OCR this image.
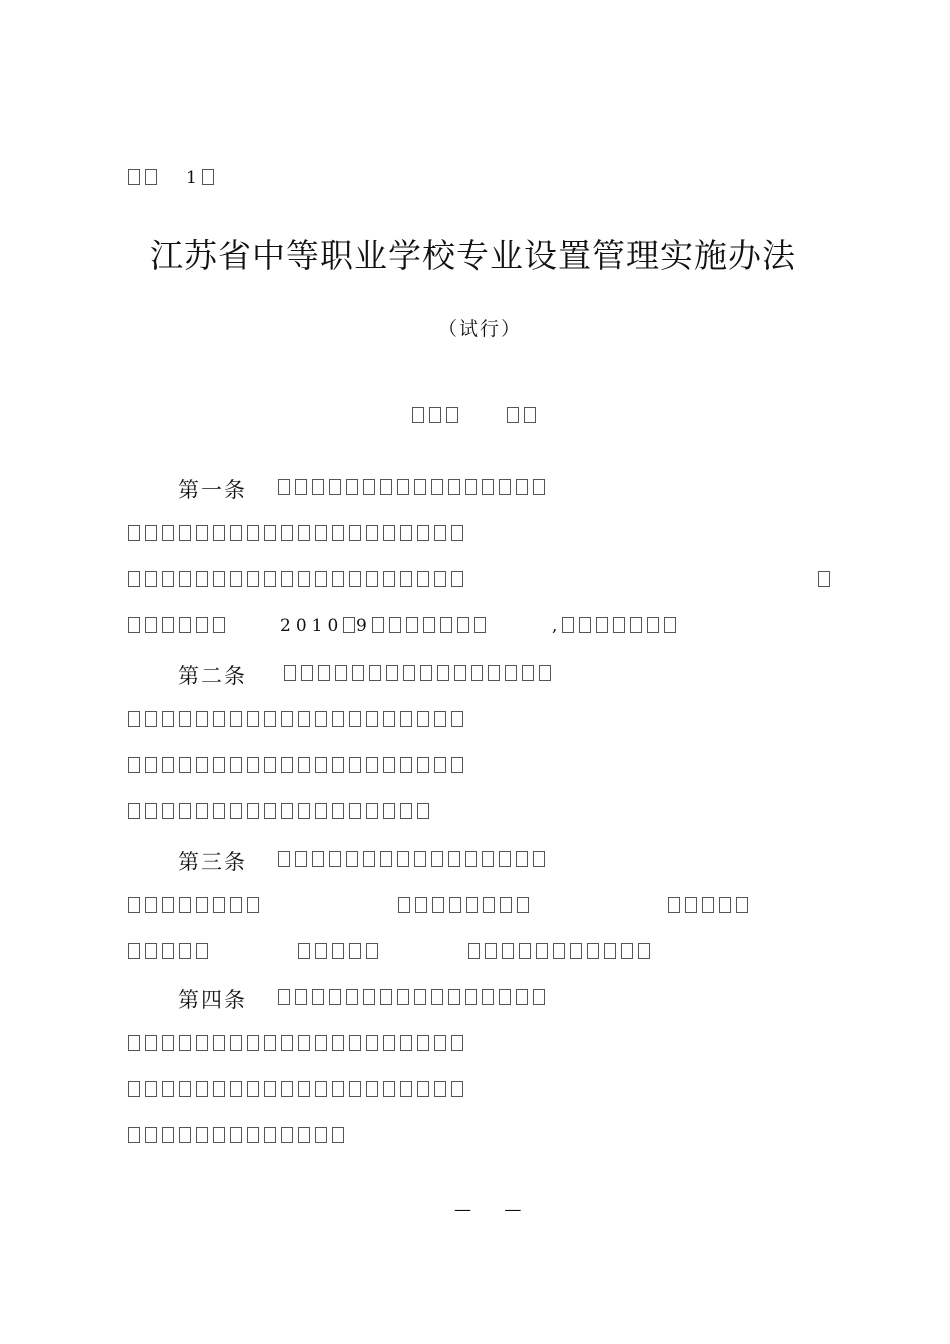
1
江苏省中等职业学校专业设置管理实施办法
（试行）
第一条
2010 9	,
第二条
第三条
第四条
— —
